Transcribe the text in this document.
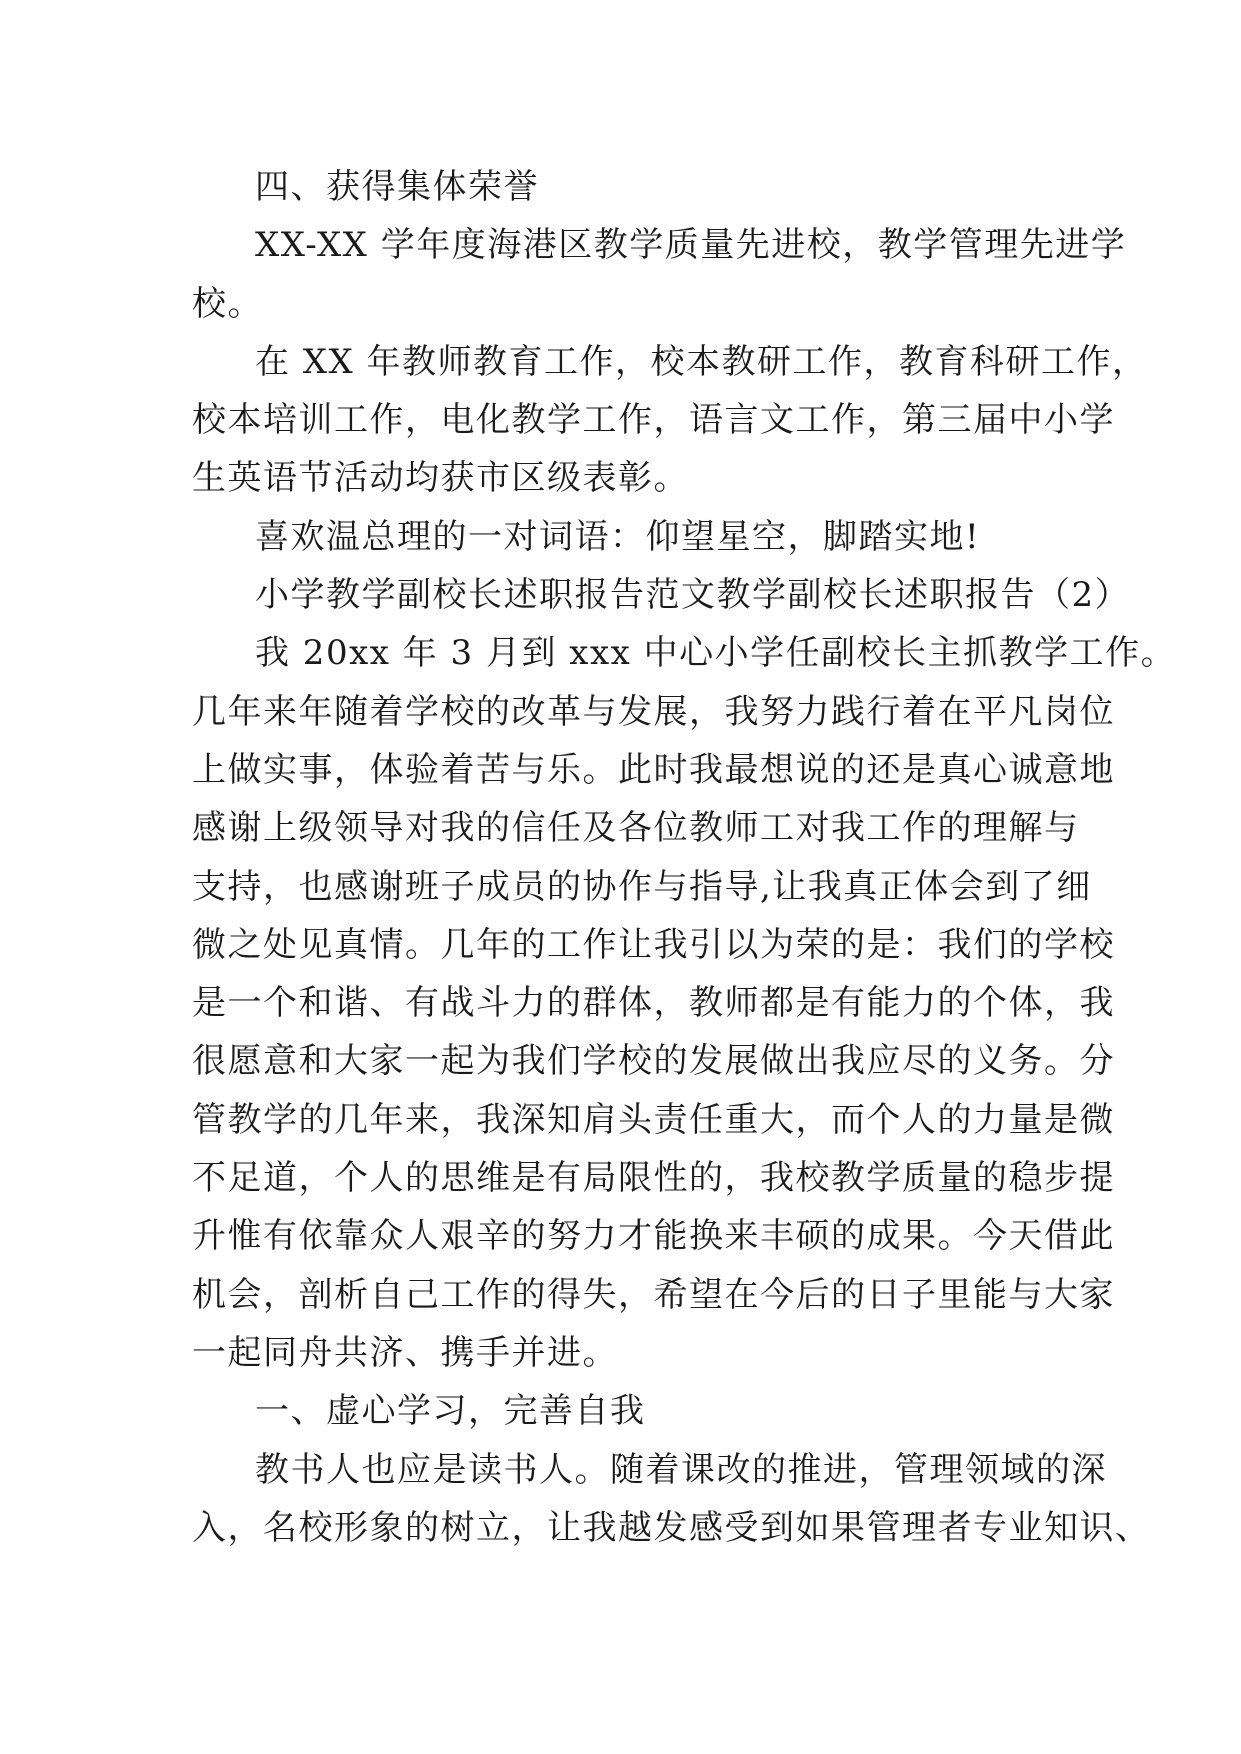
四、获得集体荣誉
XX-XX 学年度海港区教学质量先进校，教学管理先进学
校。
在 XX 年教师教育工作，校本教研工作，教育科研工作，
校本培训工作，电化教学工作，语言文工作，第三届中小学
生英语节活动均获市区级表彰。
喜欢温总理的一对词语：仰望星空，脚踏实地!
小学教学副校长述职报告范文教学副校长述职报告（2）
我 20xx 年 3 月到 xxx 中心小学任副校长主抓教学工作。
几年来年随着学校的改革与发展，我努力践行着在平凡岗位
上做实事，体验着苦与乐。此时我最想说的还是真心诚意地
感谢上级领导对我的信任及各位教师工对我工作的理解与
支持，也感谢班子成员的协作与指导,让我真正体会到了细
微之处见真情。几年的工作让我引以为荣的是：我们的学校
是一个和谐、有战斗力的群体，教师都是有能力的个体，我
很愿意和大家一起为我们学校的发展做出我应尽的义务。分
管教学的几年来，我深知肩头责任重大，而个人的力量是微
不足道，个人的思维是有局限性的，我校教学质量的稳步提
升惟有依靠众人艰辛的努力才能换来丰硕的成果。今天借此
机会，剖析自己工作的得失，希望在今后的日子里能与大家
一起同舟共济、携手并进。
一、虚心学习，完善自我
教书人也应是读书人。随着课改的推进，管理领域的深
入，名校形象的树立，让我越发感受到如果管理者专业知识、
